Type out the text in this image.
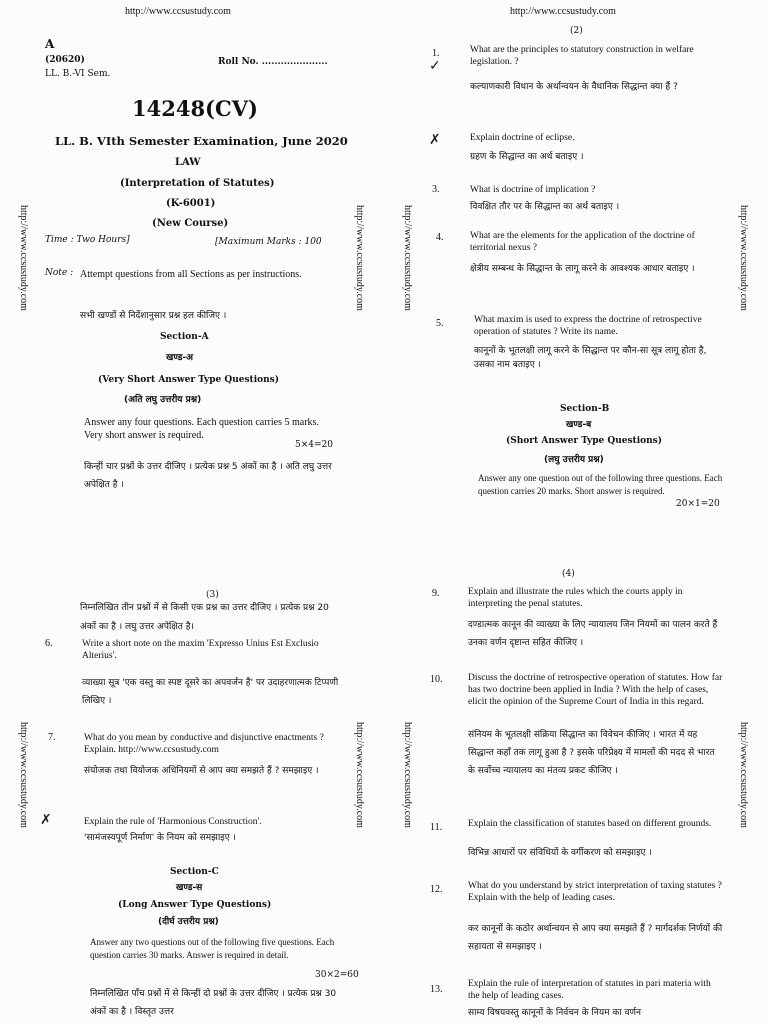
http://www.ccsustudy.com
A
(20620)	Roll No. .....................
LL. B.-VI Sem.
14248(CV)
LL. B. VIth Semester Examination, June 2020
LAW
(Interpretation of Statutes)
(K-6001)
(New Course)
Time : Two Hours]	[Maximum Marks : 100
Note : Attempt questions from all Sections as per instructions.
सभी खण्डों से निर्देशानुसार प्रश्न हल कीजिए ।
Section-A
खण्ड-अ
(Very Short Answer Type Questions)
(अति लघु उत्तरीय प्रश्न)
Answer any four questions. Each question carries 5 marks. Very short answer is required.
5×4=20
किन्हीं चार प्रश्नों के उत्तर दीजिए । प्रत्येक प्रश्न 5 अंकों का है । अति लघु उत्तर अपेक्षित है ।
http://www.ccsustudy.com	http://www.ccsustudy.com
http://www.ccsustudy.com
(2)
1.
✓
What are the principles to statutory construction in welfare legislation. ?
कल्याणकारी विधान के अर्थान्वयन के वैधानिक सिद्धान्त क्या हैं ?
✗	Explain doctrine of eclipse.
ग्रहण के सिद्धान्त का अर्थ बताइए ।
3.	What is doctrine of implication ?
विवक्षित तौर पर के सिद्धान्त का अर्थ बताइए ।
4.	What are the elements for the application of the doctrine of territorial nexus ?
क्षेत्रीय सम्बन्ध के सिद्धान्त के लागू करने के आवश्यक आधार बताइए ।
5.	What maxim is used to express the doctrine of retrospective operation of statutes ? Write its name.
कानूनों के भूतलक्षी लागू करने के सिद्धान्त पर कौन-सा सूत्र लागू होता है, उसका नाम बताइए ।
Section-B
खण्ड-ब
(Short Answer Type Questions)
(लघु उत्तरीय प्रश्न)
Answer any one question out of the following three questions. Each question carries 20 marks. Short answer is required.
20×1=20
http://www.ccsustudy.com	http://www.ccsustudy.com
(3)
निम्नलिखित तीन प्रश्नों में से किसी एक प्रश्न का उत्तर दीजिए । प्रत्येक प्रश्न 20 अंकों का है । लघु उत्तर अपेक्षित है।
6.	Write a short note on the maxim 'Expresso Unius Est Exclusio Alterius'.
व्याख्या सूत्र 'एक वस्तु का स्पष्ट दूसरे का अपवर्जन है' पर उदाहरणात्मक टिप्पणी लिखिए ।
7.	What do you mean by conductive and disjunctive enactments ? Explain. http://www.ccsustudy.com
संयोजक तथा वियोजक अधिनियमों से आप क्या समझते हैं ? समझाइए ।
✗	Explain the rule of 'Harmonious Construction'.
'सामंजस्यपूर्ण निर्माण' के नियम को समझाइए ।
Section-C
खण्ड-स
(Long Answer Type Questions)
(दीर्घ उत्तरीय प्रश्न)
Answer any two questions out of the following five questions. Each question carries 30 marks. Answer is required in detail.
30×2=60
निम्नलिखित पाँच प्रश्नों में से किन्हीं दो प्रश्नों के उत्तर दीजिए । प्रत्येक प्रश्न 30 अंकों का है । विस्तृत उत्तर
http://www.ccsustudy.com	http://www.ccsustudy.com
(4)
9.	Explain and illustrate the rules which the courts apply in interpreting the penal statutes.
दण्डात्मक कानून की व्याख्या के लिए न्यायालय जिन नियमों का पालन करते हैं उनका वर्णन दृष्टान्त सहित कीजिए ।
10.	Discuss the doctrine of retrospective operation of statutes. How far has two doctrine been applied in India ? With the help of cases, elicit the opinion of the Supreme Court of India in this regard.
संनियम के भूतलक्षी संक्रिया सिद्धान्त का विवेचन कीजिए । भारत में यह सिद्धान्त कहाँ तक लागू हुआ है ? इसके परिप्रेक्ष्य में मामलों की मदद से भारत के सर्वोच्च न्यायालय का मंतव्य प्रकट कीजिए ।
11.	Explain the classification of statutes based on different grounds.
विभिन्न आधारों पर संविधियों के वर्गीकरण को समझाइए ।
12.	What do you understand by strict interpretation of taxing statutes ? Explain with the help of leading cases.
कर कानूनों के कठोर अर्थान्वयन से आप क्या समझते हैं ? मार्गदर्शक निर्णयों की सहायता से समझाइए ।
13.	Explain the rule of interpretation of statutes in pari materia with the help of leading cases.
साम्य विषयवस्तु कानूनों के निर्वचन के नियम का वर्णन
http://www.ccsustudy.com	http://www.ccsustudy.com
